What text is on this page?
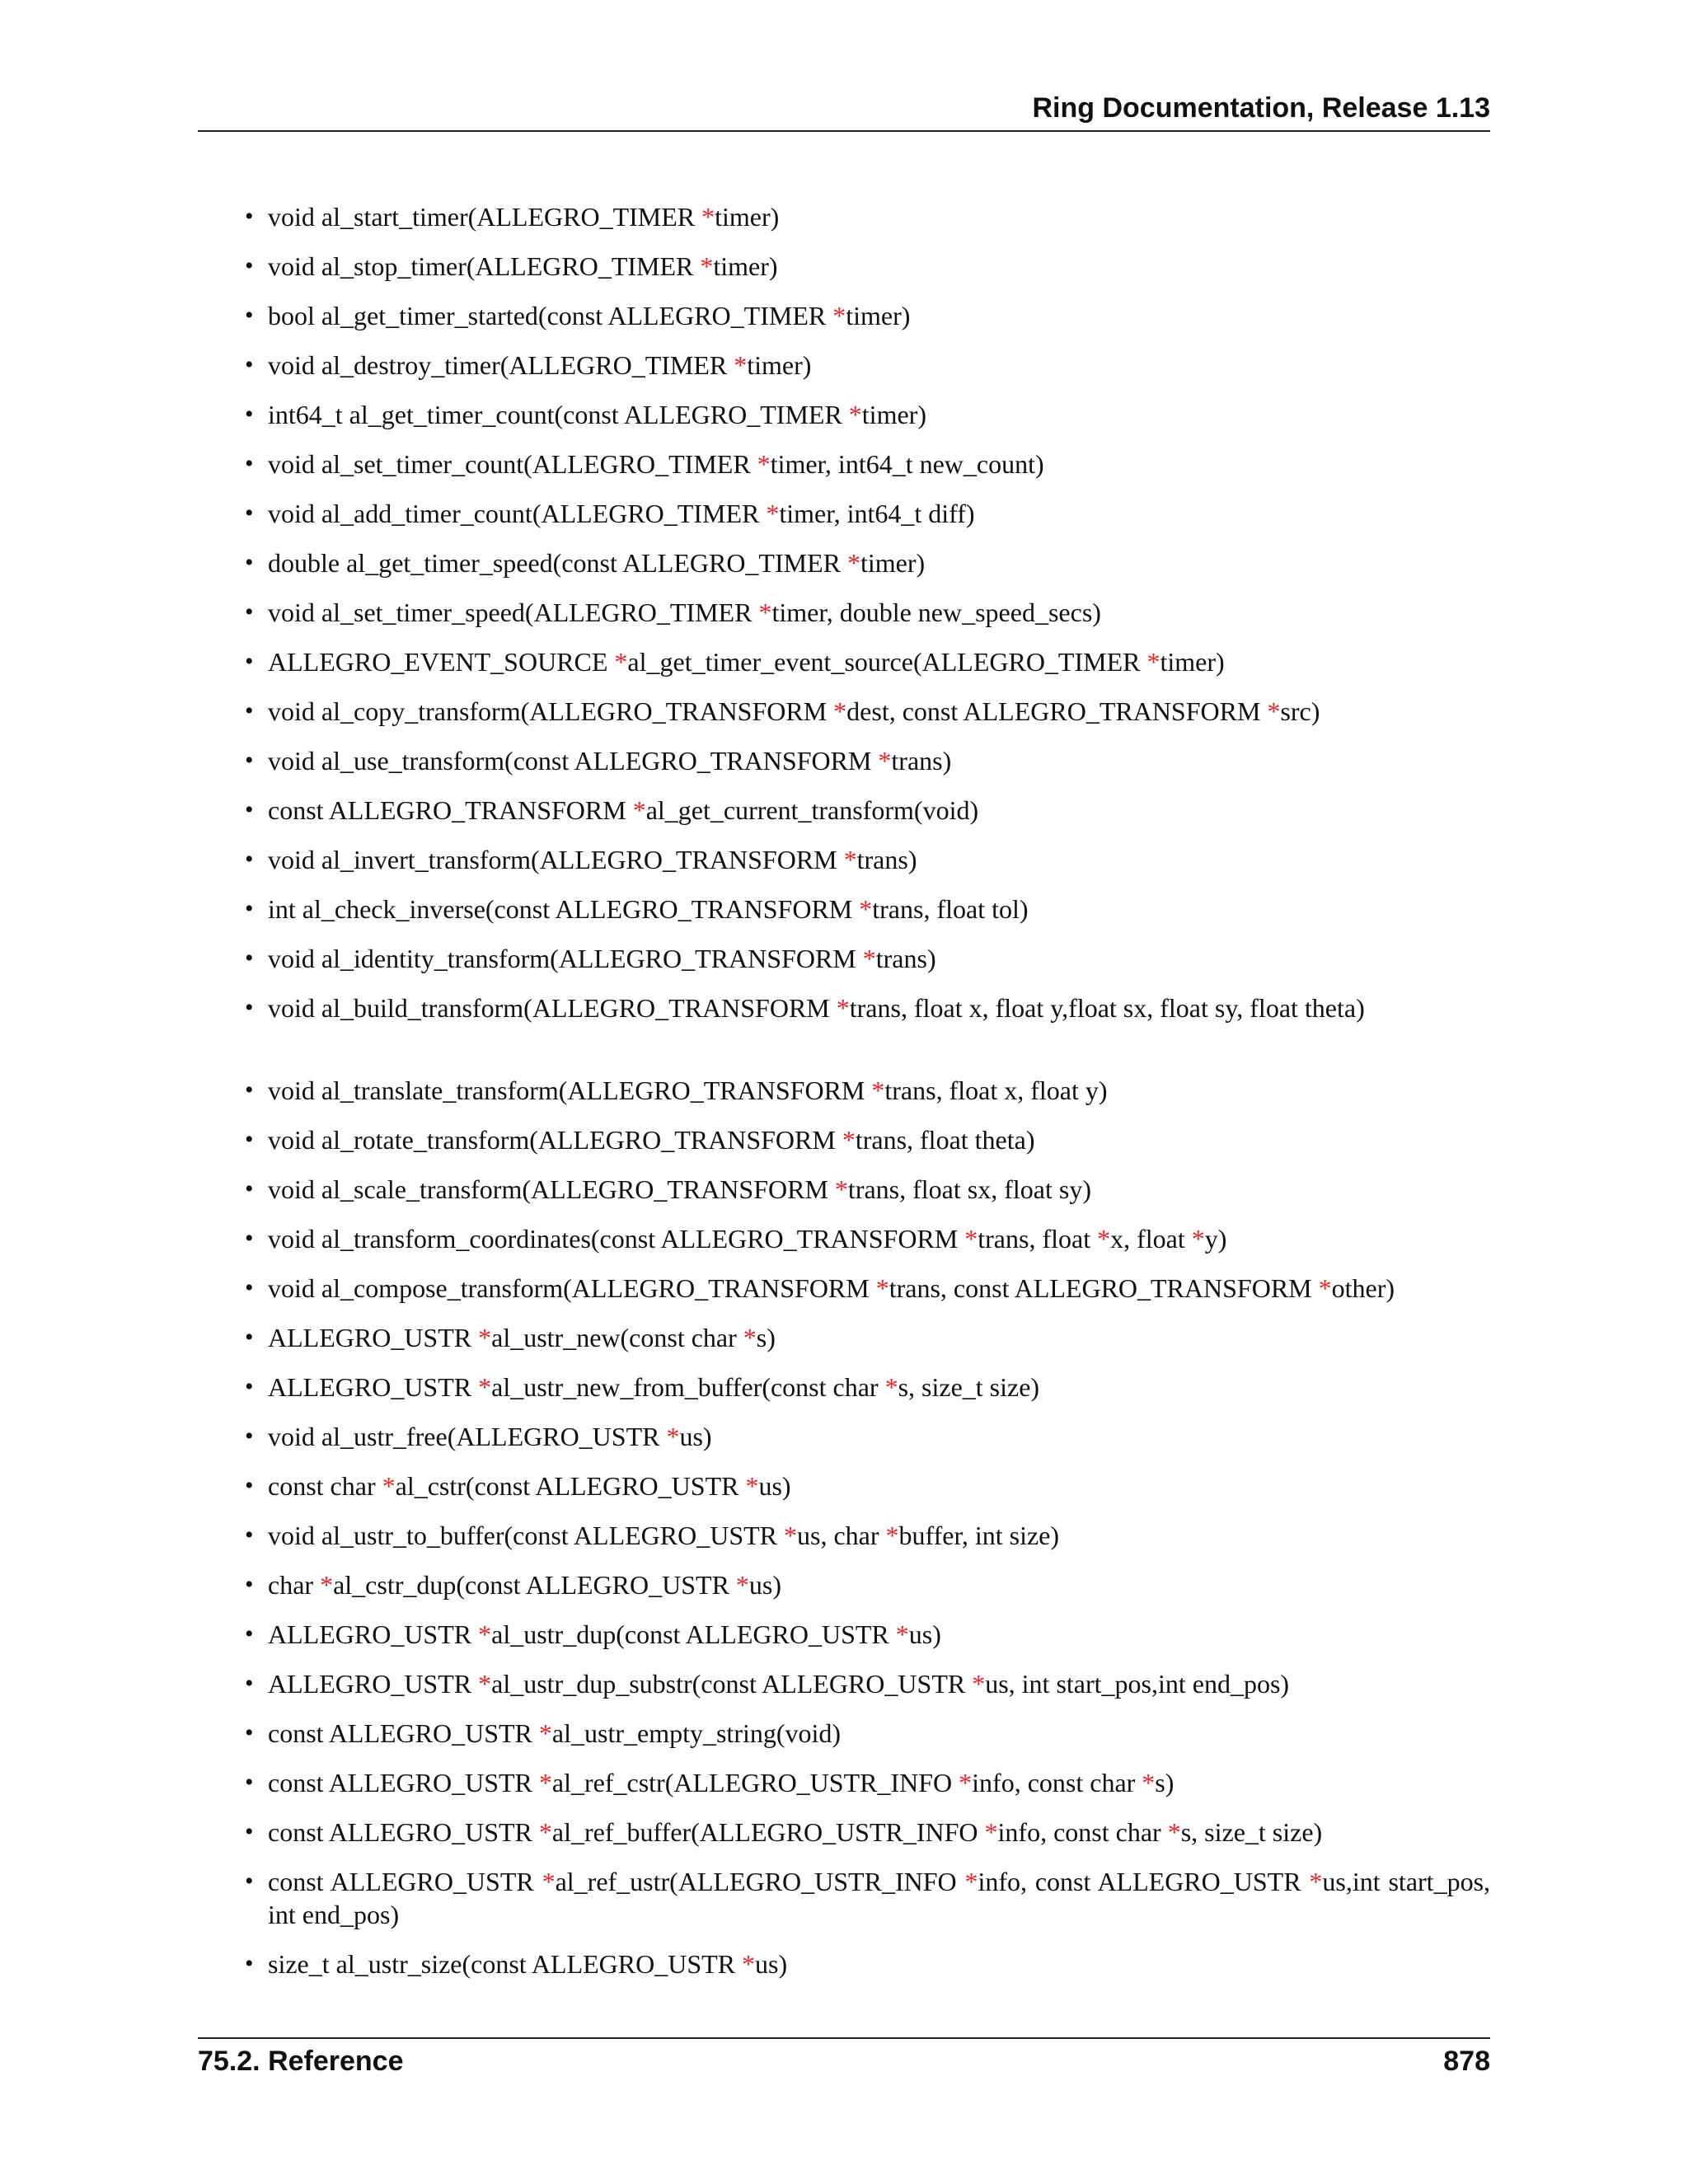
Ring Documentation, Release 1.13
• void al_start_timer(ALLEGRO_TIMER *timer)
• void al_stop_timer(ALLEGRO_TIMER *timer)
• bool al_get_timer_started(const ALLEGRO_TIMER *timer)
• void al_destroy_timer(ALLEGRO_TIMER *timer)
• int64_t al_get_timer_count(const ALLEGRO_TIMER *timer)
• void al_set_timer_count(ALLEGRO_TIMER *timer, int64_t new_count)
• void al_add_timer_count(ALLEGRO_TIMER *timer, int64_t diff)
• double al_get_timer_speed(const ALLEGRO_TIMER *timer)
• void al_set_timer_speed(ALLEGRO_TIMER *timer, double new_speed_secs)
• ALLEGRO_EVENT_SOURCE *al_get_timer_event_source(ALLEGRO_TIMER *timer)
• void al_copy_transform(ALLEGRO_TRANSFORM *dest, const ALLEGRO_TRANSFORM *src)
• void al_use_transform(const ALLEGRO_TRANSFORM *trans)
• const ALLEGRO_TRANSFORM *al_get_current_transform(void)
• void al_invert_transform(ALLEGRO_TRANSFORM *trans)
• int al_check_inverse(const ALLEGRO_TRANSFORM *trans, float tol)
• void al_identity_transform(ALLEGRO_TRANSFORM *trans)
• void al_build_transform(ALLEGRO_TRANSFORM *trans, float x, float y,float sx, float sy, float theta)
• void al_translate_transform(ALLEGRO_TRANSFORM *trans, float x, float y)
• void al_rotate_transform(ALLEGRO_TRANSFORM *trans, float theta)
• void al_scale_transform(ALLEGRO_TRANSFORM *trans, float sx, float sy)
• void al_transform_coordinates(const ALLEGRO_TRANSFORM *trans, float *x, float *y)
• void al_compose_transform(ALLEGRO_TRANSFORM *trans, const ALLEGRO_TRANSFORM *other)
• ALLEGRO_USTR *al_ustr_new(const char *s)
• ALLEGRO_USTR *al_ustr_new_from_buffer(const char *s, size_t size)
• void al_ustr_free(ALLEGRO_USTR *us)
• const char *al_cstr(const ALLEGRO_USTR *us)
• void al_ustr_to_buffer(const ALLEGRO_USTR *us, char *buffer, int size)
• char *al_cstr_dup(const ALLEGRO_USTR *us)
• ALLEGRO_USTR *al_ustr_dup(const ALLEGRO_USTR *us)
• ALLEGRO_USTR *al_ustr_dup_substr(const ALLEGRO_USTR *us, int start_pos,int end_pos)
• const ALLEGRO_USTR *al_ustr_empty_string(void)
• const ALLEGRO_USTR *al_ref_cstr(ALLEGRO_USTR_INFO *info, const char *s)
• const ALLEGRO_USTR *al_ref_buffer(ALLEGRO_USTR_INFO *info, const char *s, size_t size)
• const ALLEGRO_USTR *al_ref_ustr(ALLEGRO_USTR_INFO *info, const ALLEGRO_USTR *us,int start_pos, int end_pos)
• size_t al_ustr_size(const ALLEGRO_USTR *us)
75.2. Reference	878
